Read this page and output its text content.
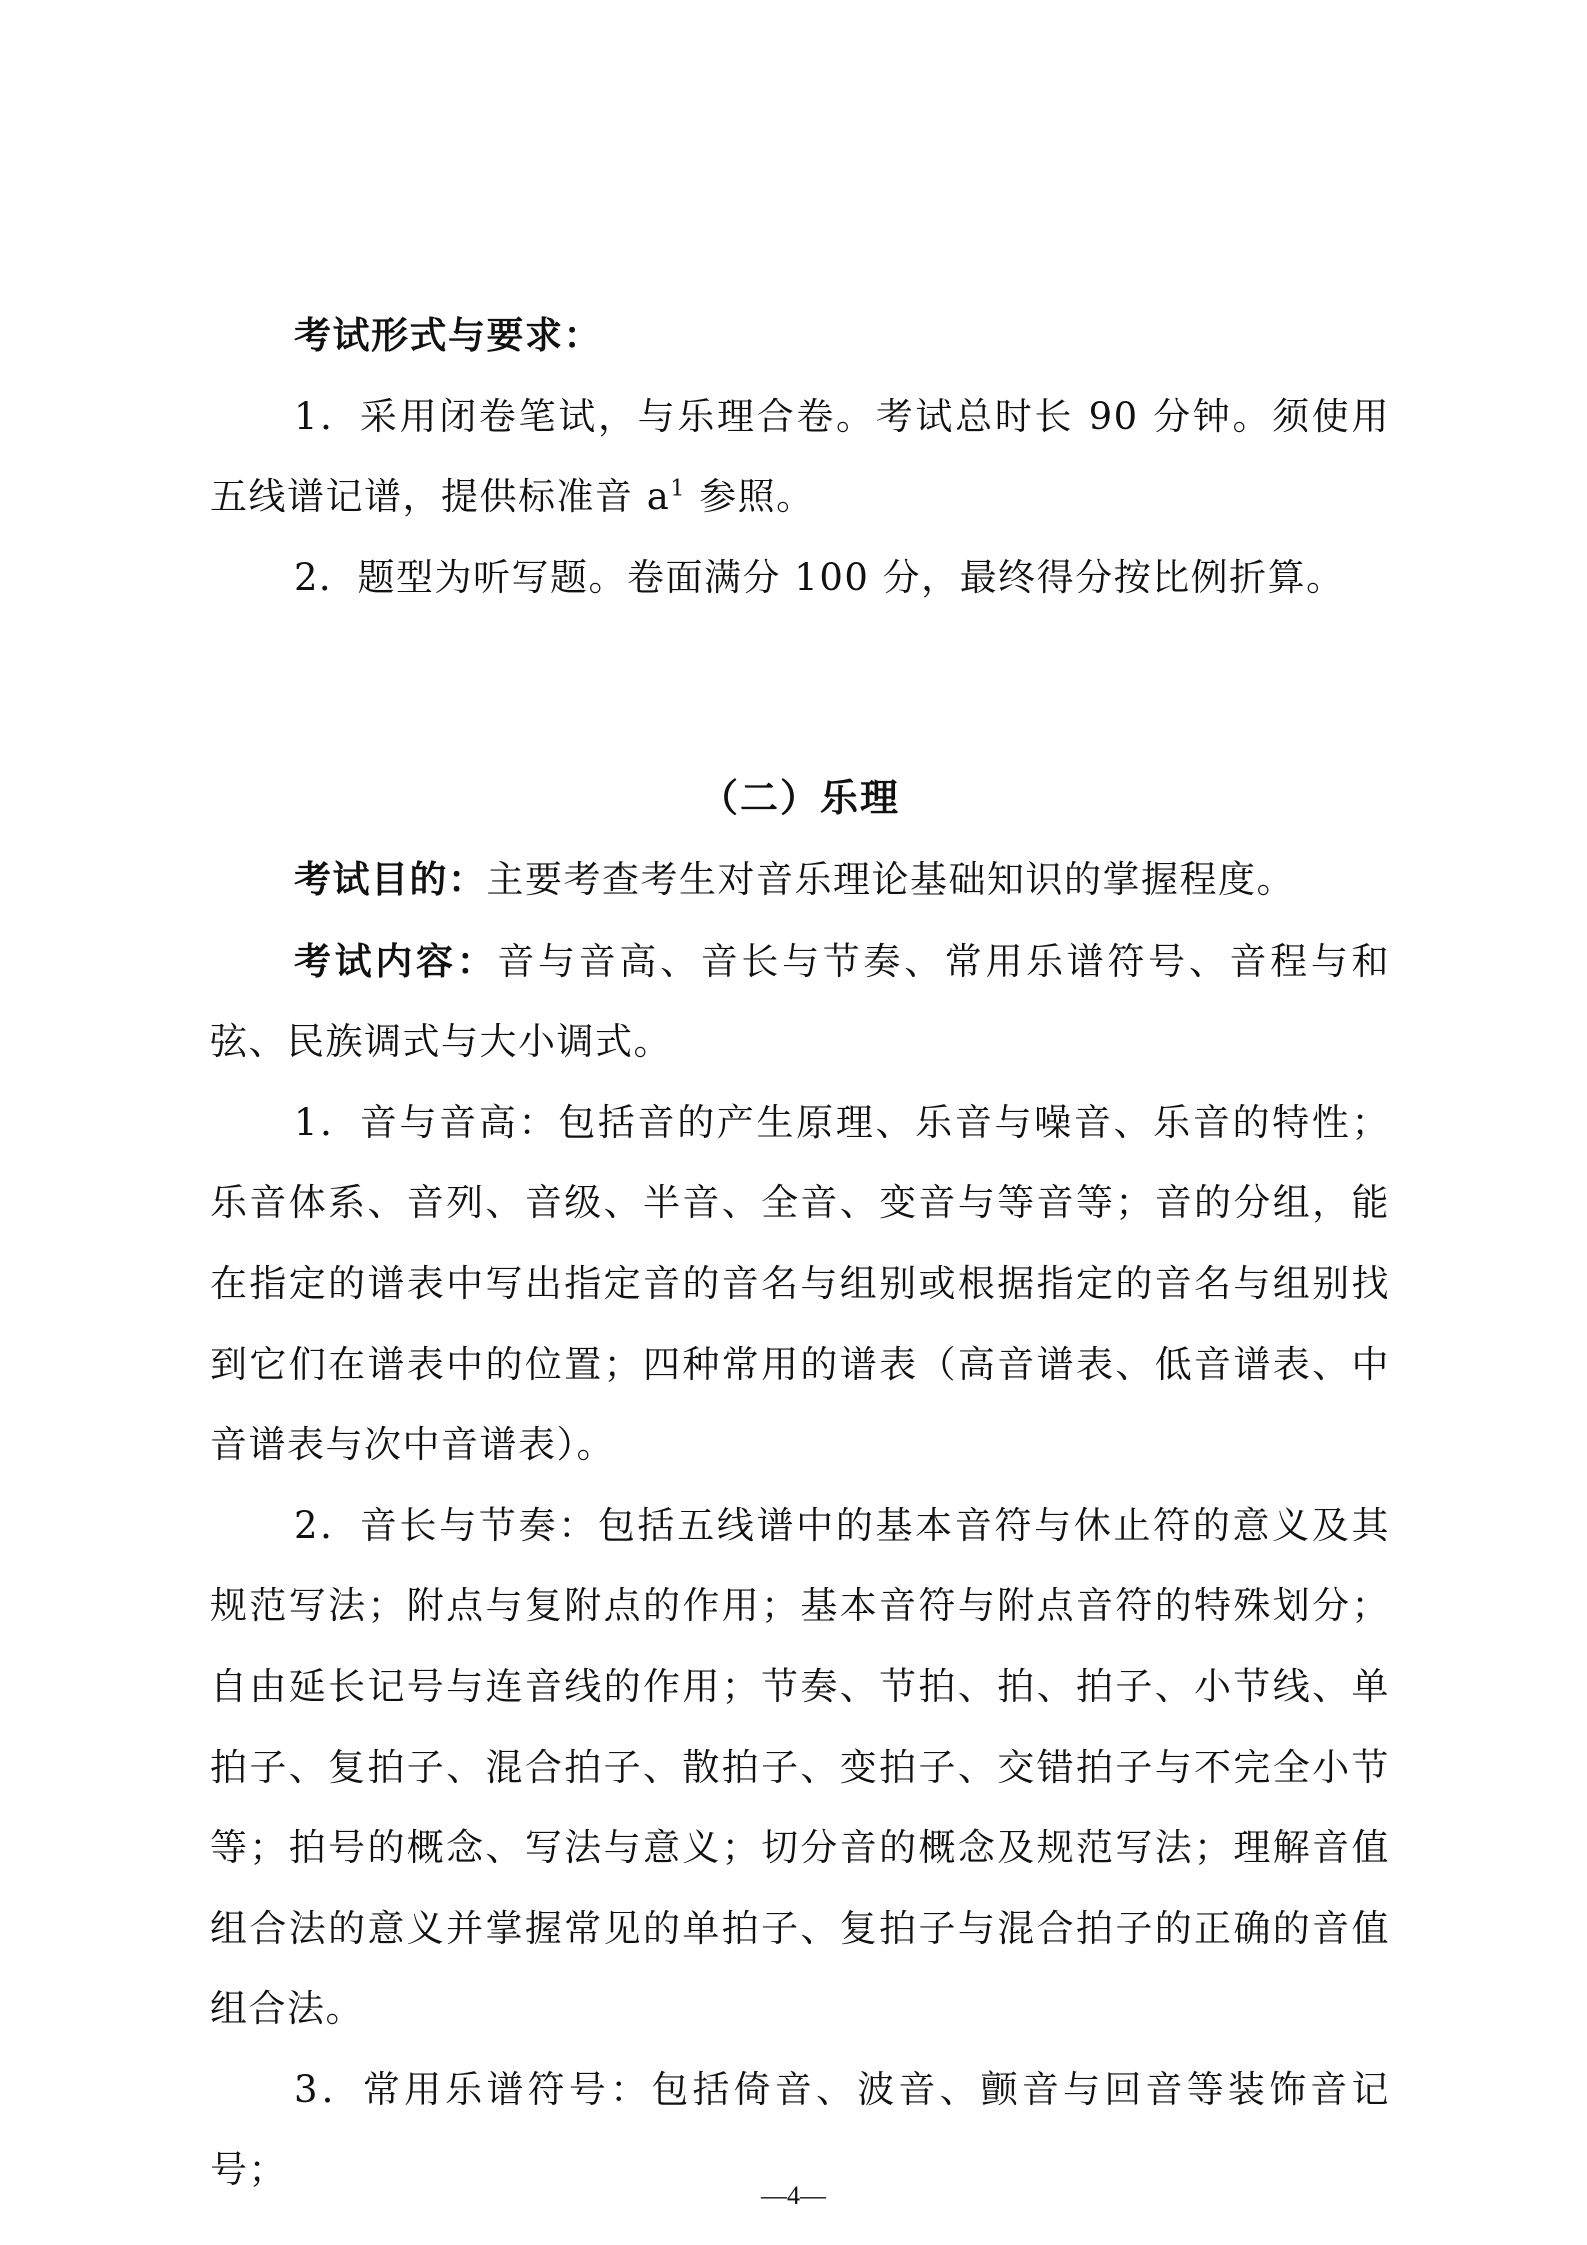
考试形式与要求：

1．采用闭卷笔试，与乐理合卷。考试总时长 90 分钟。须使用五线谱记谱，提供标准音 $a^1$ 参照。

2．题型为听写题。卷面满分 100 分，最终得分按比例折算。

（二）乐理

考试目的：主要考查考生对音乐理论基础知识的掌握程度。

考试内容：音与音高、音长与节奏、常用乐谱符号、音程与和弦、民族调式与大小调式。

1．音与音高：包括音的产生原理、乐音与噪音、乐音的特性；乐音体系、音列、音级、半音、全音、变音与等音等；音的分组，能在指定的谱表中写出指定音的音名与组别或根据指定的音名与组别找到它们在谱表中的位置；四种常用的谱表（高音谱表、低音谱表、中音谱表与次中音谱表）。

2．音长与节奏：包括五线谱中的基本音符与休止符的意义及其规范写法；附点与复附点的作用；基本音符与附点音符的特殊划分；自由延长记号与连音线的作用；节奏、节拍、拍、拍子、小节线、单拍子、复拍子、混合拍子、散拍子、变拍子、交错拍子与不完全小节等；拍号的概念、写法与意义；切分音的概念及规范写法；理解音值组合法的意义并掌握常见的单拍子、复拍子与混合拍子的正确的音值组合法。

3．常用乐谱符号：包括倚音、波音、颤音与回音等装饰音记号；

—4—
